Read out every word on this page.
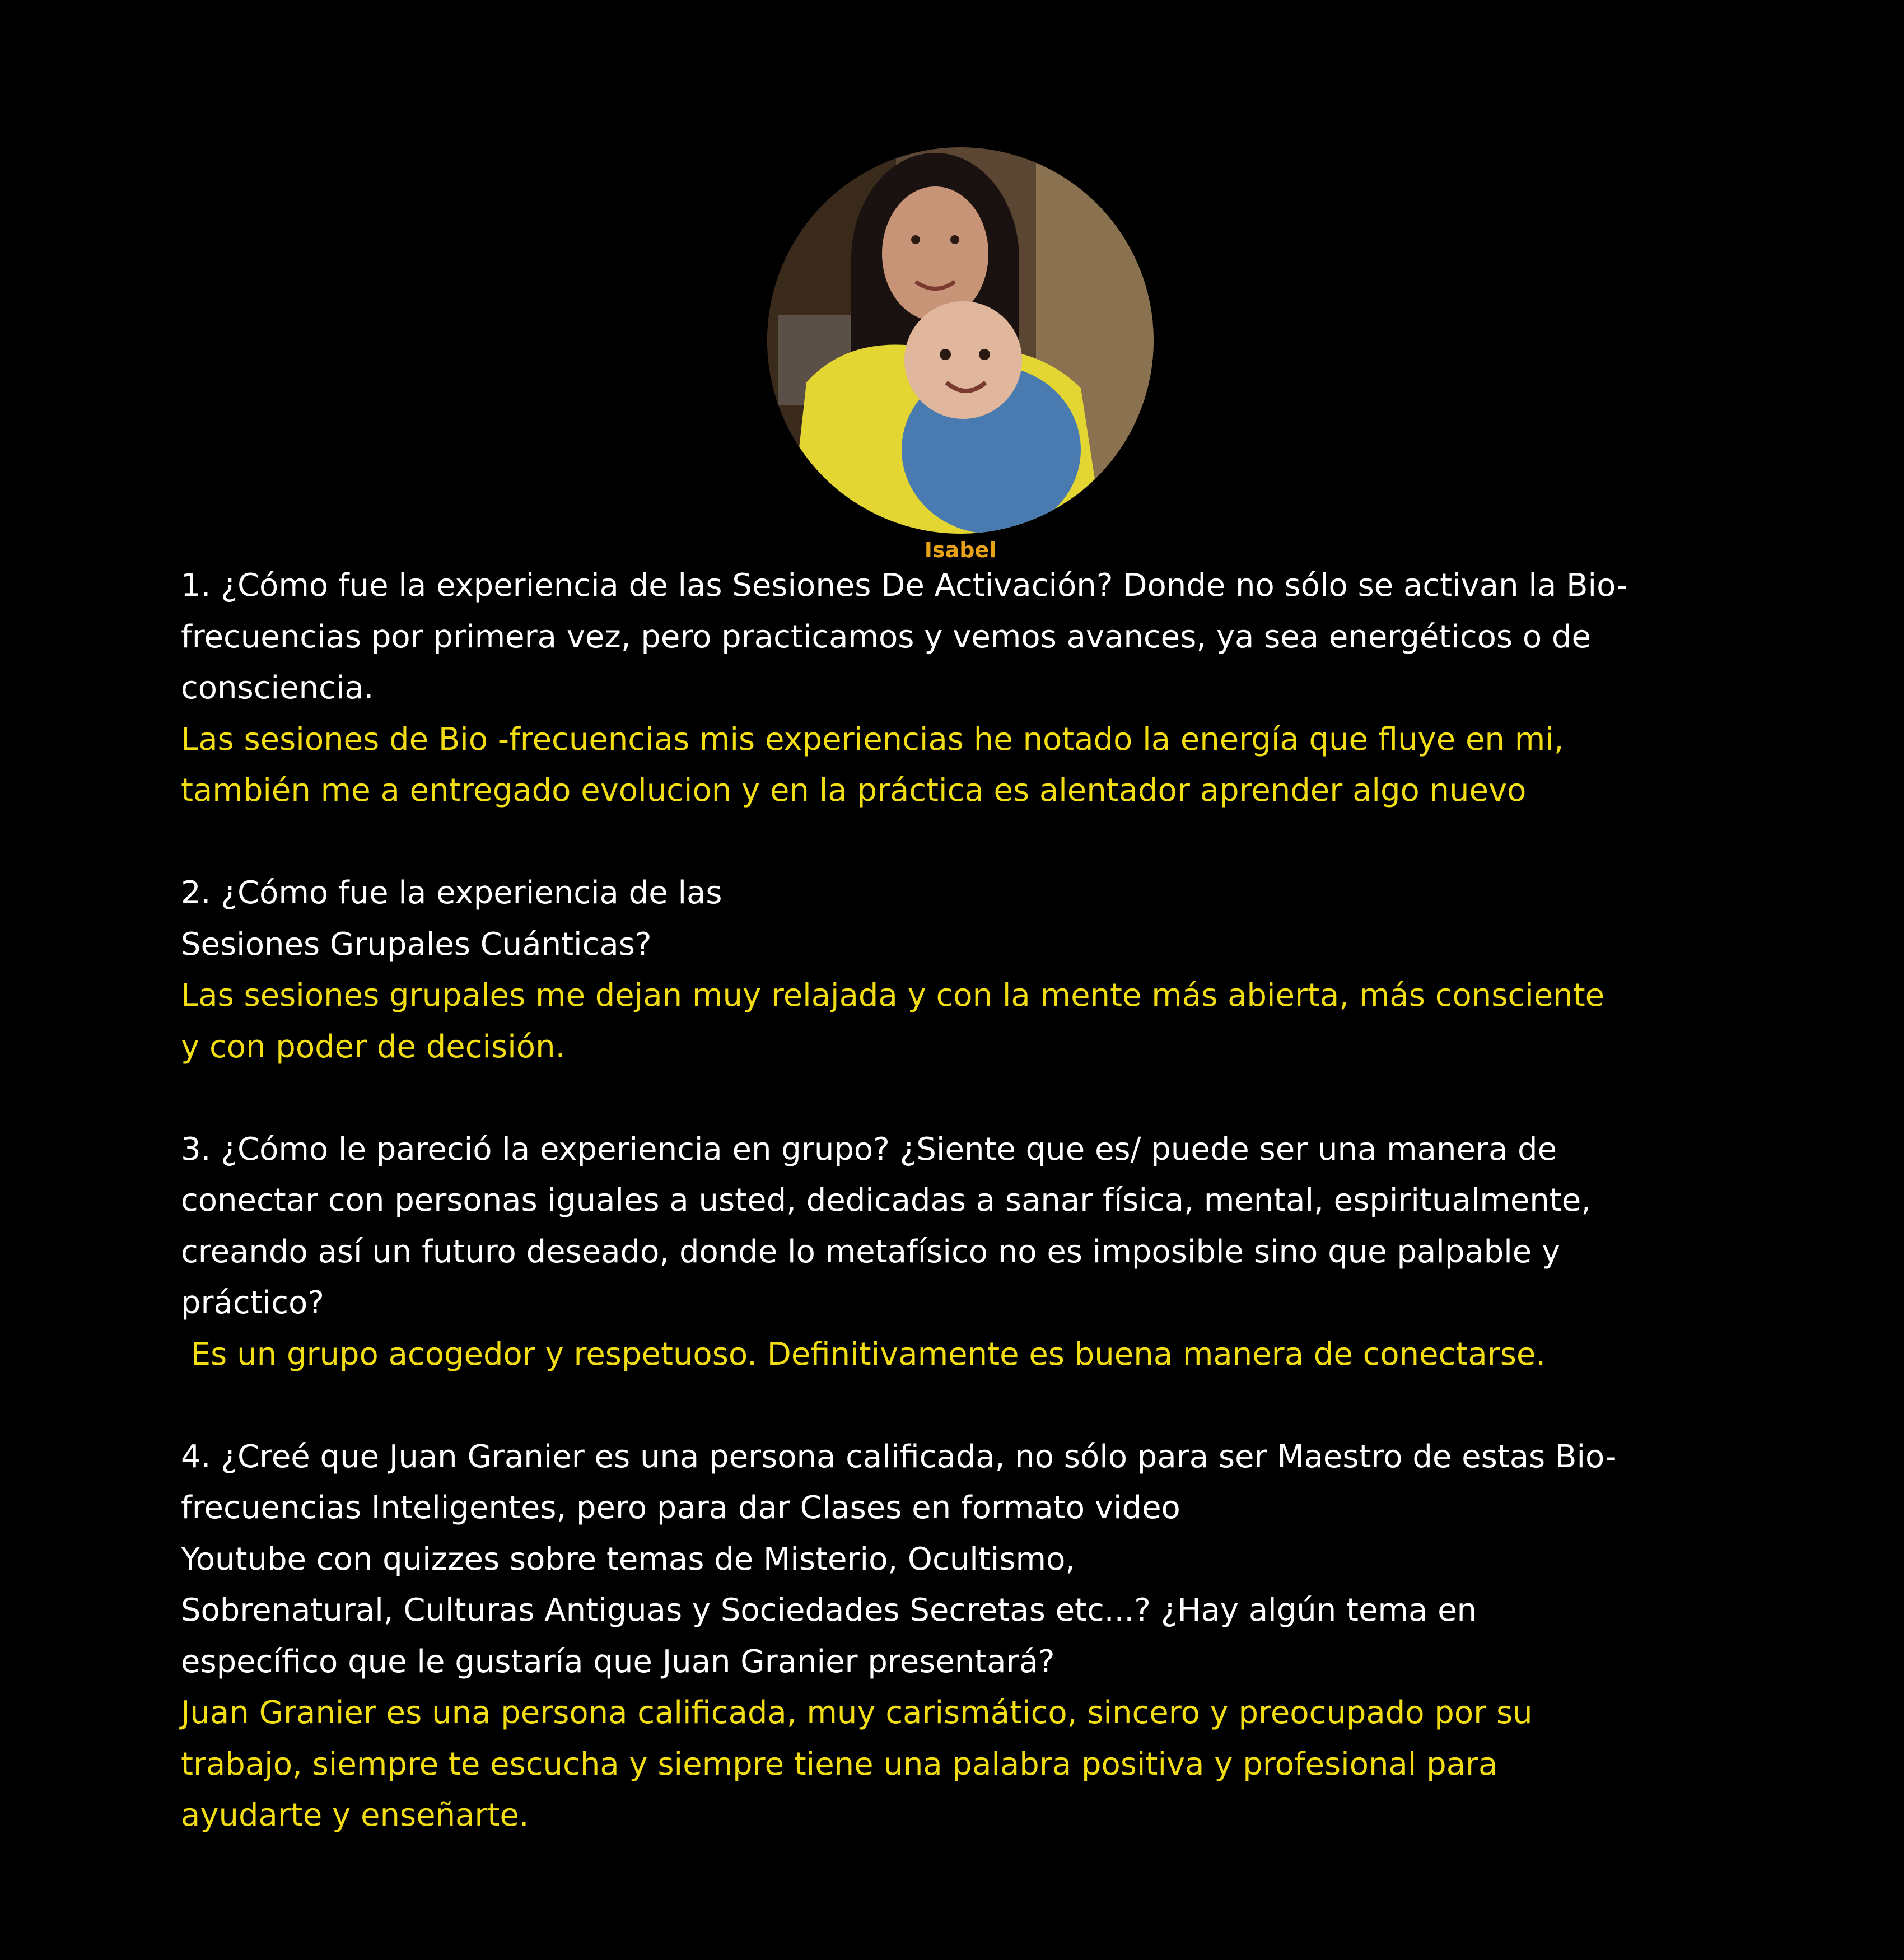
Isabel
1. ¿Cómo fue la experiencia de las Sesiones De Activación? Donde no sólo se activan la Bio-
frecuencias por primera vez, pero practicamos y vemos avances, ya sea energéticos o de
consciencia.
Las sesiones de Bio -frecuencias mis experiencias he notado la energía que fluye en mi,
también me a entregado evolucion y en la práctica es alentador aprender algo nuevo
2. ¿Cómo fue la experiencia de las
Sesiones Grupales Cuánticas?
Las sesiones grupales me dejan muy relajada y con la mente más abierta, más consciente
y con poder de decisión.
3. ¿Cómo le pareció la experiencia en grupo? ¿Siente que es/ puede ser una manera de
conectar con personas iguales a usted, dedicadas a sanar física, mental, espiritualmente,
creando así un futuro deseado, donde lo metafísico no es imposible sino que palpable y
práctico?
Es un grupo acogedor y respetuoso. Definitivamente es buena manera de conectarse.
4. ¿Creé que Juan Granier es una persona calificada, no sólo para ser Maestro de estas Bio-
frecuencias Inteligentes, pero para dar Clases en formato video
Youtube con quizzes sobre temas de Misterio, Ocultismo,
Sobrenatural, Culturas Antiguas y Sociedades Secretas etc...? ¿Hay algún tema en
específico que le gustaría que Juan Granier presentará?
Juan Granier es una persona calificada, muy carismático, sincero y preocupado por su
trabajo, siempre te escucha y siempre tiene una palabra positiva y profesional para
ayudarte y enseñarte.
